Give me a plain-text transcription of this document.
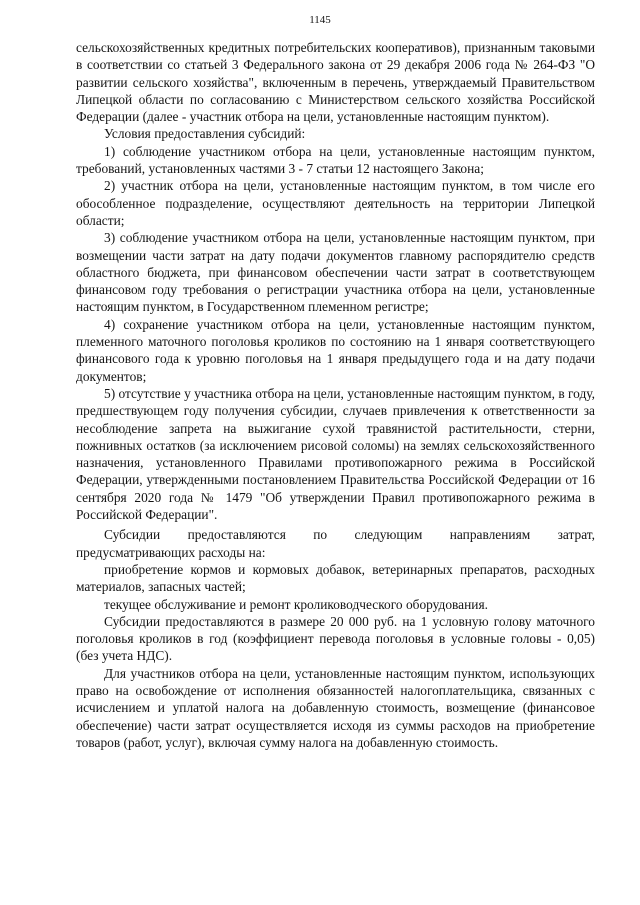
1145

сельскохозяйственных кредитных потребительских кооперативов), признанным таковыми в соответствии со статьей 3 Федерального закона от 29 декабря 2006 года № 264-ФЗ "О развитии сельского хозяйства", включенным в перечень, утверждаемый Правительством Липецкой области по согласованию с Министерством сельского хозяйства Российской Федерации (далее - участник отбора на цели, установленные настоящим пунктом).

Условия предоставления субсидий:

1) соблюдение участником отбора на цели, установленные настоящим пунктом, требований, установленных частями 3 - 7 статьи 12 настоящего Закона;

2) участник отбора на цели, установленные настоящим пунктом, в том числе его обособленное подразделение, осуществляют деятельность на территории Липецкой области;

3) соблюдение участником отбора на цели, установленные настоящим пунктом, при возмещении части затрат на дату подачи документов главному распорядителю средств областного бюджета, при финансовом обеспечении части затрат в соответствующем финансовом году требования о регистрации участника отбора на цели, установленные настоящим пунктом, в Государственном племенном регистре;

4) сохранение участником отбора на цели, установленные настоящим пунктом, племенного маточного поголовья кроликов по состоянию на 1 января соответствующего финансового года к уровню поголовья на 1 января предыдущего года и на дату подачи документов;

5) отсутствие у участника отбора на цели, установленные настоящим пунктом, в году, предшествующем году получения субсидии, случаев привлечения к ответственности за несоблюдение запрета на выжигание сухой травянистой растительности, стерни, пожнивных остатков (за исключением рисовой соломы) на землях сельскохозяйственного назначения, установленного Правилами противопожарного режима в Российской Федерации, утвержденными постановлением Правительства Российской Федерации от 16 сентября 2020 года № 1479 "Об утверждении Правил противопожарного режима в Российской Федерации".

Субсидии предоставляются по следующим направлениям затрат, предусматривающих расходы на:

приобретение кормов и кормовых добавок, ветеринарных препаратов, расходных материалов, запасных частей;

текущее обслуживание и ремонт кролиководческого оборудования.

Субсидии предоставляются в размере 20 000 руб. на 1 условную голову маточного поголовья кроликов в год (коэффициент перевода поголовья в условные головы - 0,05) (без учета НДС).

Для участников отбора на цели, установленные настоящим пунктом, использующих право на освобождение от исполнения обязанностей налогоплательщика, связанных с исчислением и уплатой налога на добавленную стоимость, возмещение (финансовое обеспечение) части затрат осуществляется исходя из суммы расходов на приобретение товаров (работ, услуг), включая сумму налога на добавленную стоимость.
